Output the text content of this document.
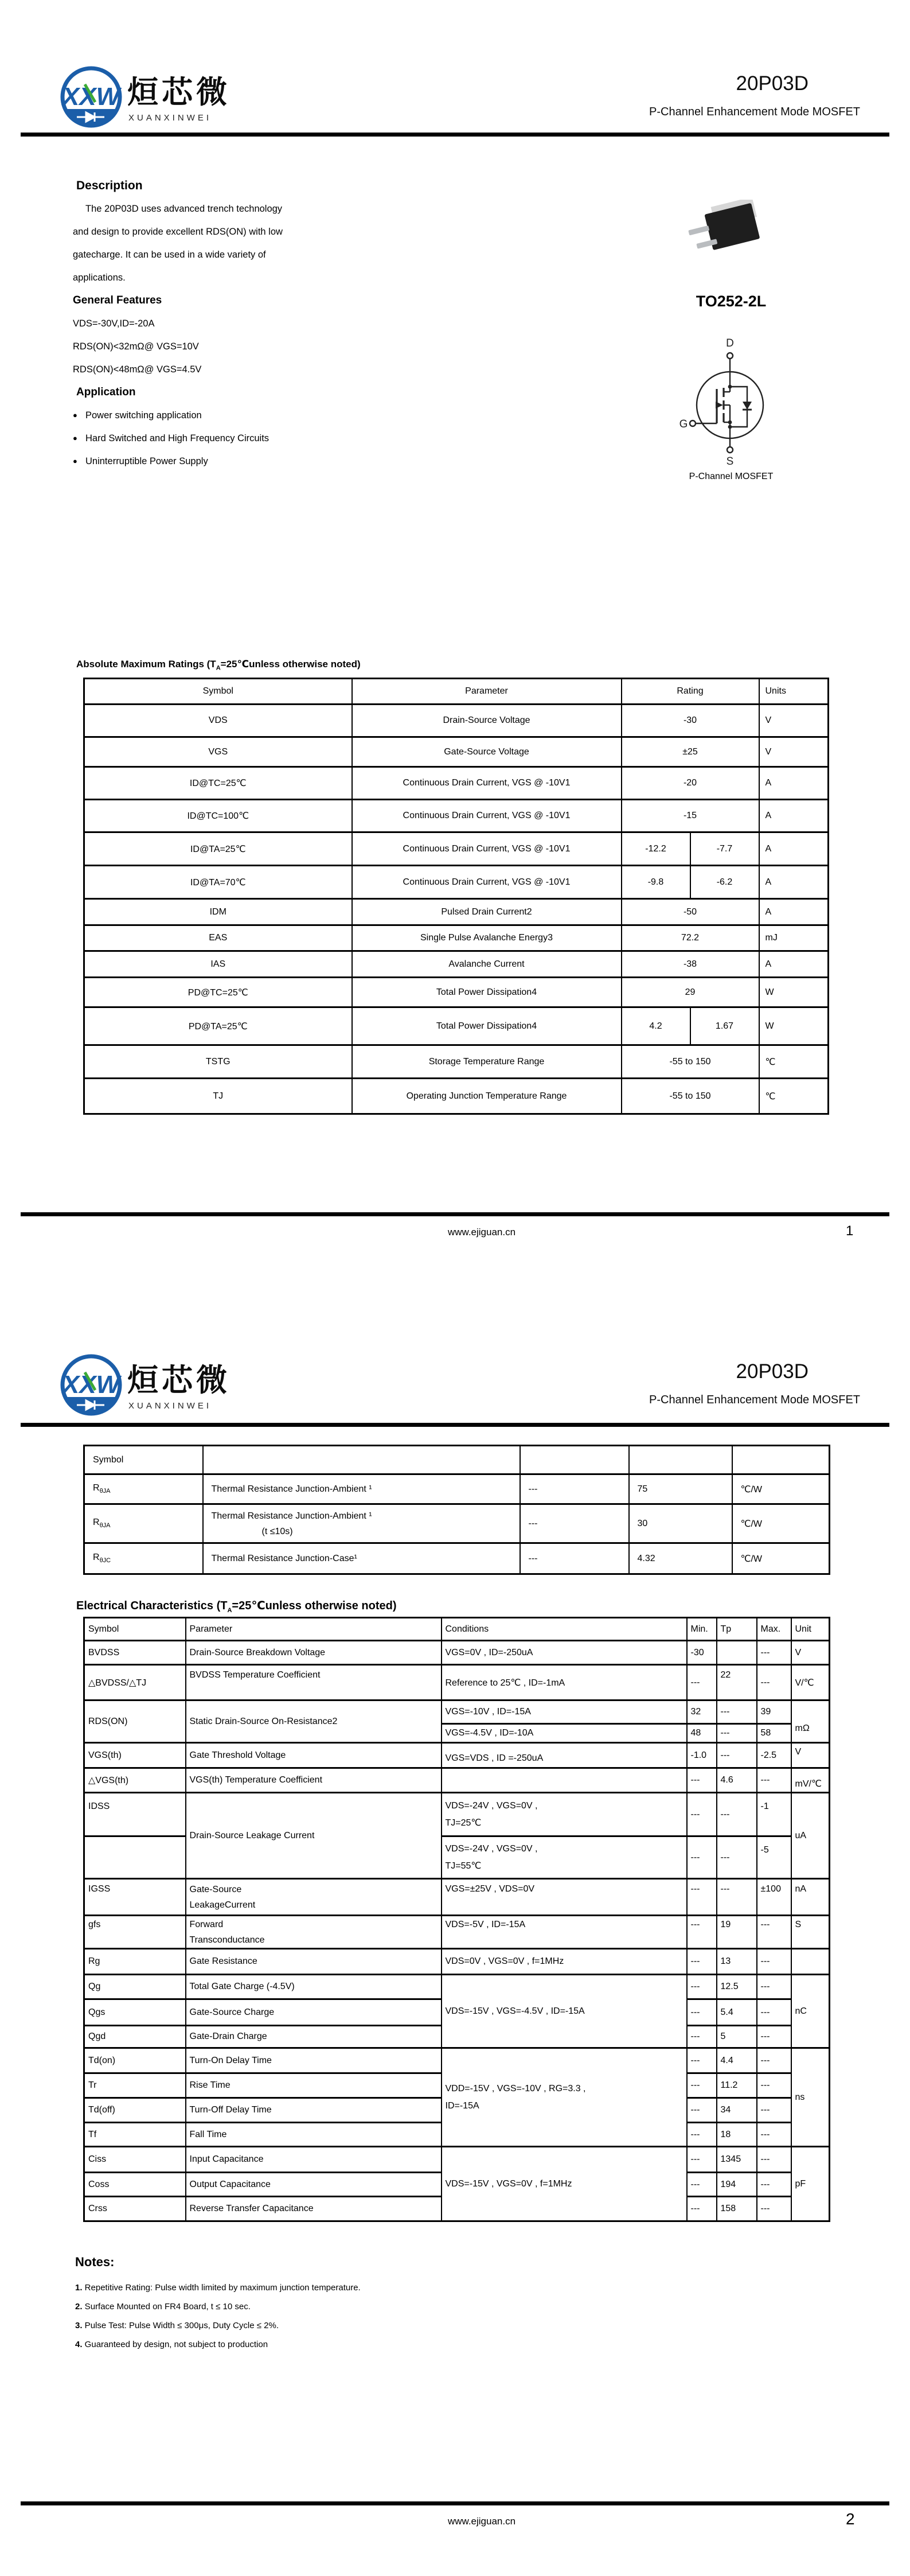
XXW 烜芯微
XUANXINWEI
20P03D
P-Channel Enhancement Mode MOSFET
Description

The 20P03D uses advanced trench technology

and design to provide excellent RDS(ON) with low

gatecharge. It can be used in a wide variety of

applications.

General Features

VDS=-30V,ID=-20A

RDS(ON)<32mΩ@ VGS=10V

RDS(ON)<48mΩ@ VGS=4.5V

Application

● Power switching application

● Hard Switched and High Frequency Circuits

● Uninterruptible Power Supply

TO252-2L
D
G
S
P-Channel MOSFET
Absolute Maximum Ratings ($T_A=25℃unless$ otherwise noted)
Symbol	Parameter	Rating		Units
VDS	Drain-Source Voltage	-30		V
VGS	Gate-Source Voltage	±25		V
ID@TC=25℃	Continuous Drain Current, VGS @ -10V1	-20		A
ID@TC=100℃	Continuous Drain Current, VGS @ -10V1	-15		A
ID@TA=25℃	Continuous Drain Current, VGS @ -10V1	-12.2	-7.7	A
ID@TA=70℃	Continuous Drain Current, VGS @ -10V1	-9.8	-6.2	A
IDM	Pulsed Drain Current2	-50		A
EAS	Single Pulse Avalanche Energy3	72.2		mJ
IAS	Avalanche Current	-38		A
PD@TC=25℃	Total Power Dissipation4	29		W
PD@TA=25℃	Total Power Dissipation4	4.2	1.67	W
TSTG	Storage Temperature Range	-55 to 150		℃
TJ	Operating Junction Temperature Range	-55 to 150		℃
www.ejiguan.cn	1
XXW 烜芯微
XUANXINWEI
20P03D
P-Channel Enhancement Mode MOSFET
Symbol				
$R_{\theta JA}$	Thermal Resistance Junction-Ambient ¹	---	75	℃/W
$R_{\theta JA}$	Thermal Resistance Junction-Ambient ¹
(t ≤10s)	---	30	℃/W
$R_{\theta JC}$	Thermal Resistance Junction-Case¹	---	4.32	℃/W
Electrical Characteristics ($T_A=25℃unless$ otherwise noted)
Symbol	Parameter	Conditions	Min.	Tp	Max.	Unit
BVDSS	Drain-Source Breakdown Voltage	VGS=0V , ID=-250uA	-30		---	V
△BVDSS/△TJ	BVDSS Temperature Coefficient	Reference to 25℃ , ID=-1mA	---	22	---	V/℃
RDS(ON)	Static Drain-Source On-Resistance2	VGS=-10V , ID=-15A	32	---	39	mΩ
		VGS=-4.5V , ID=-10A	48	---	58	
VGS(th)	Gate Threshold Voltage	VGS=VDS , ID =-250uA	-1.0	---	-2.5	V
△VGS(th)	VGS(th) Temperature Coefficient		---	4.6	---	mV/℃
IDSS	Drain-Source Leakage Current	VDS=-24V , VGS=0V ,
TJ=25℃	---	---	-1	uA

		VDS=-24V , VGS=0V ,
TJ=55℃	---	---	-5	
IGSS	Gate-Source
LeakageCurrent	VGS=±25V , VDS=0V	---	---	±100	nA
gfs	Forward
Transconductance	VDS=-5V , ID=-15A	---	19	---	S
Rg	Gate Resistance	VDS=0V , VGS=0V , f=1MHz	---	13	---	
Qg	Total Gate Charge (-4.5V)	VDS=-15V , VGS=-4.5V , ID=-15A	---	12.5	---	nC
Qgs	Gate-Source Charge		---	5.4	---	
Qgd	Gate-Drain Charge		---	5	---	
Td(on)	Turn-On Delay Time	VDD=-15V , VGS=-10V , RG=3.3 ,
ID=-15A	---	4.4	---	ns
Tr	Rise Time		---	11.2	---	
Td(off)	Turn-Off Delay Time		---	34	---	
Tf	Fall Time		---	18	---	
Ciss	Input Capacitance	VDS=-15V , VGS=0V , f=1MHz	---	1345	---	pF
Coss	Output Capacitance		---	194	---	
Crss	Reverse Transfer Capacitance		---	158	---	
Notes:

1. Repetitive Rating: Pulse width limited by maximum junction temperature.

2. Surface Mounted on FR4 Board, t ≤ 10 sec.

3. Pulse Test: Pulse Width ≤ 300μs, Duty Cycle ≤ 2%.

4. Guaranteed by design, not subject to production

www.ejiguan.cn	2
